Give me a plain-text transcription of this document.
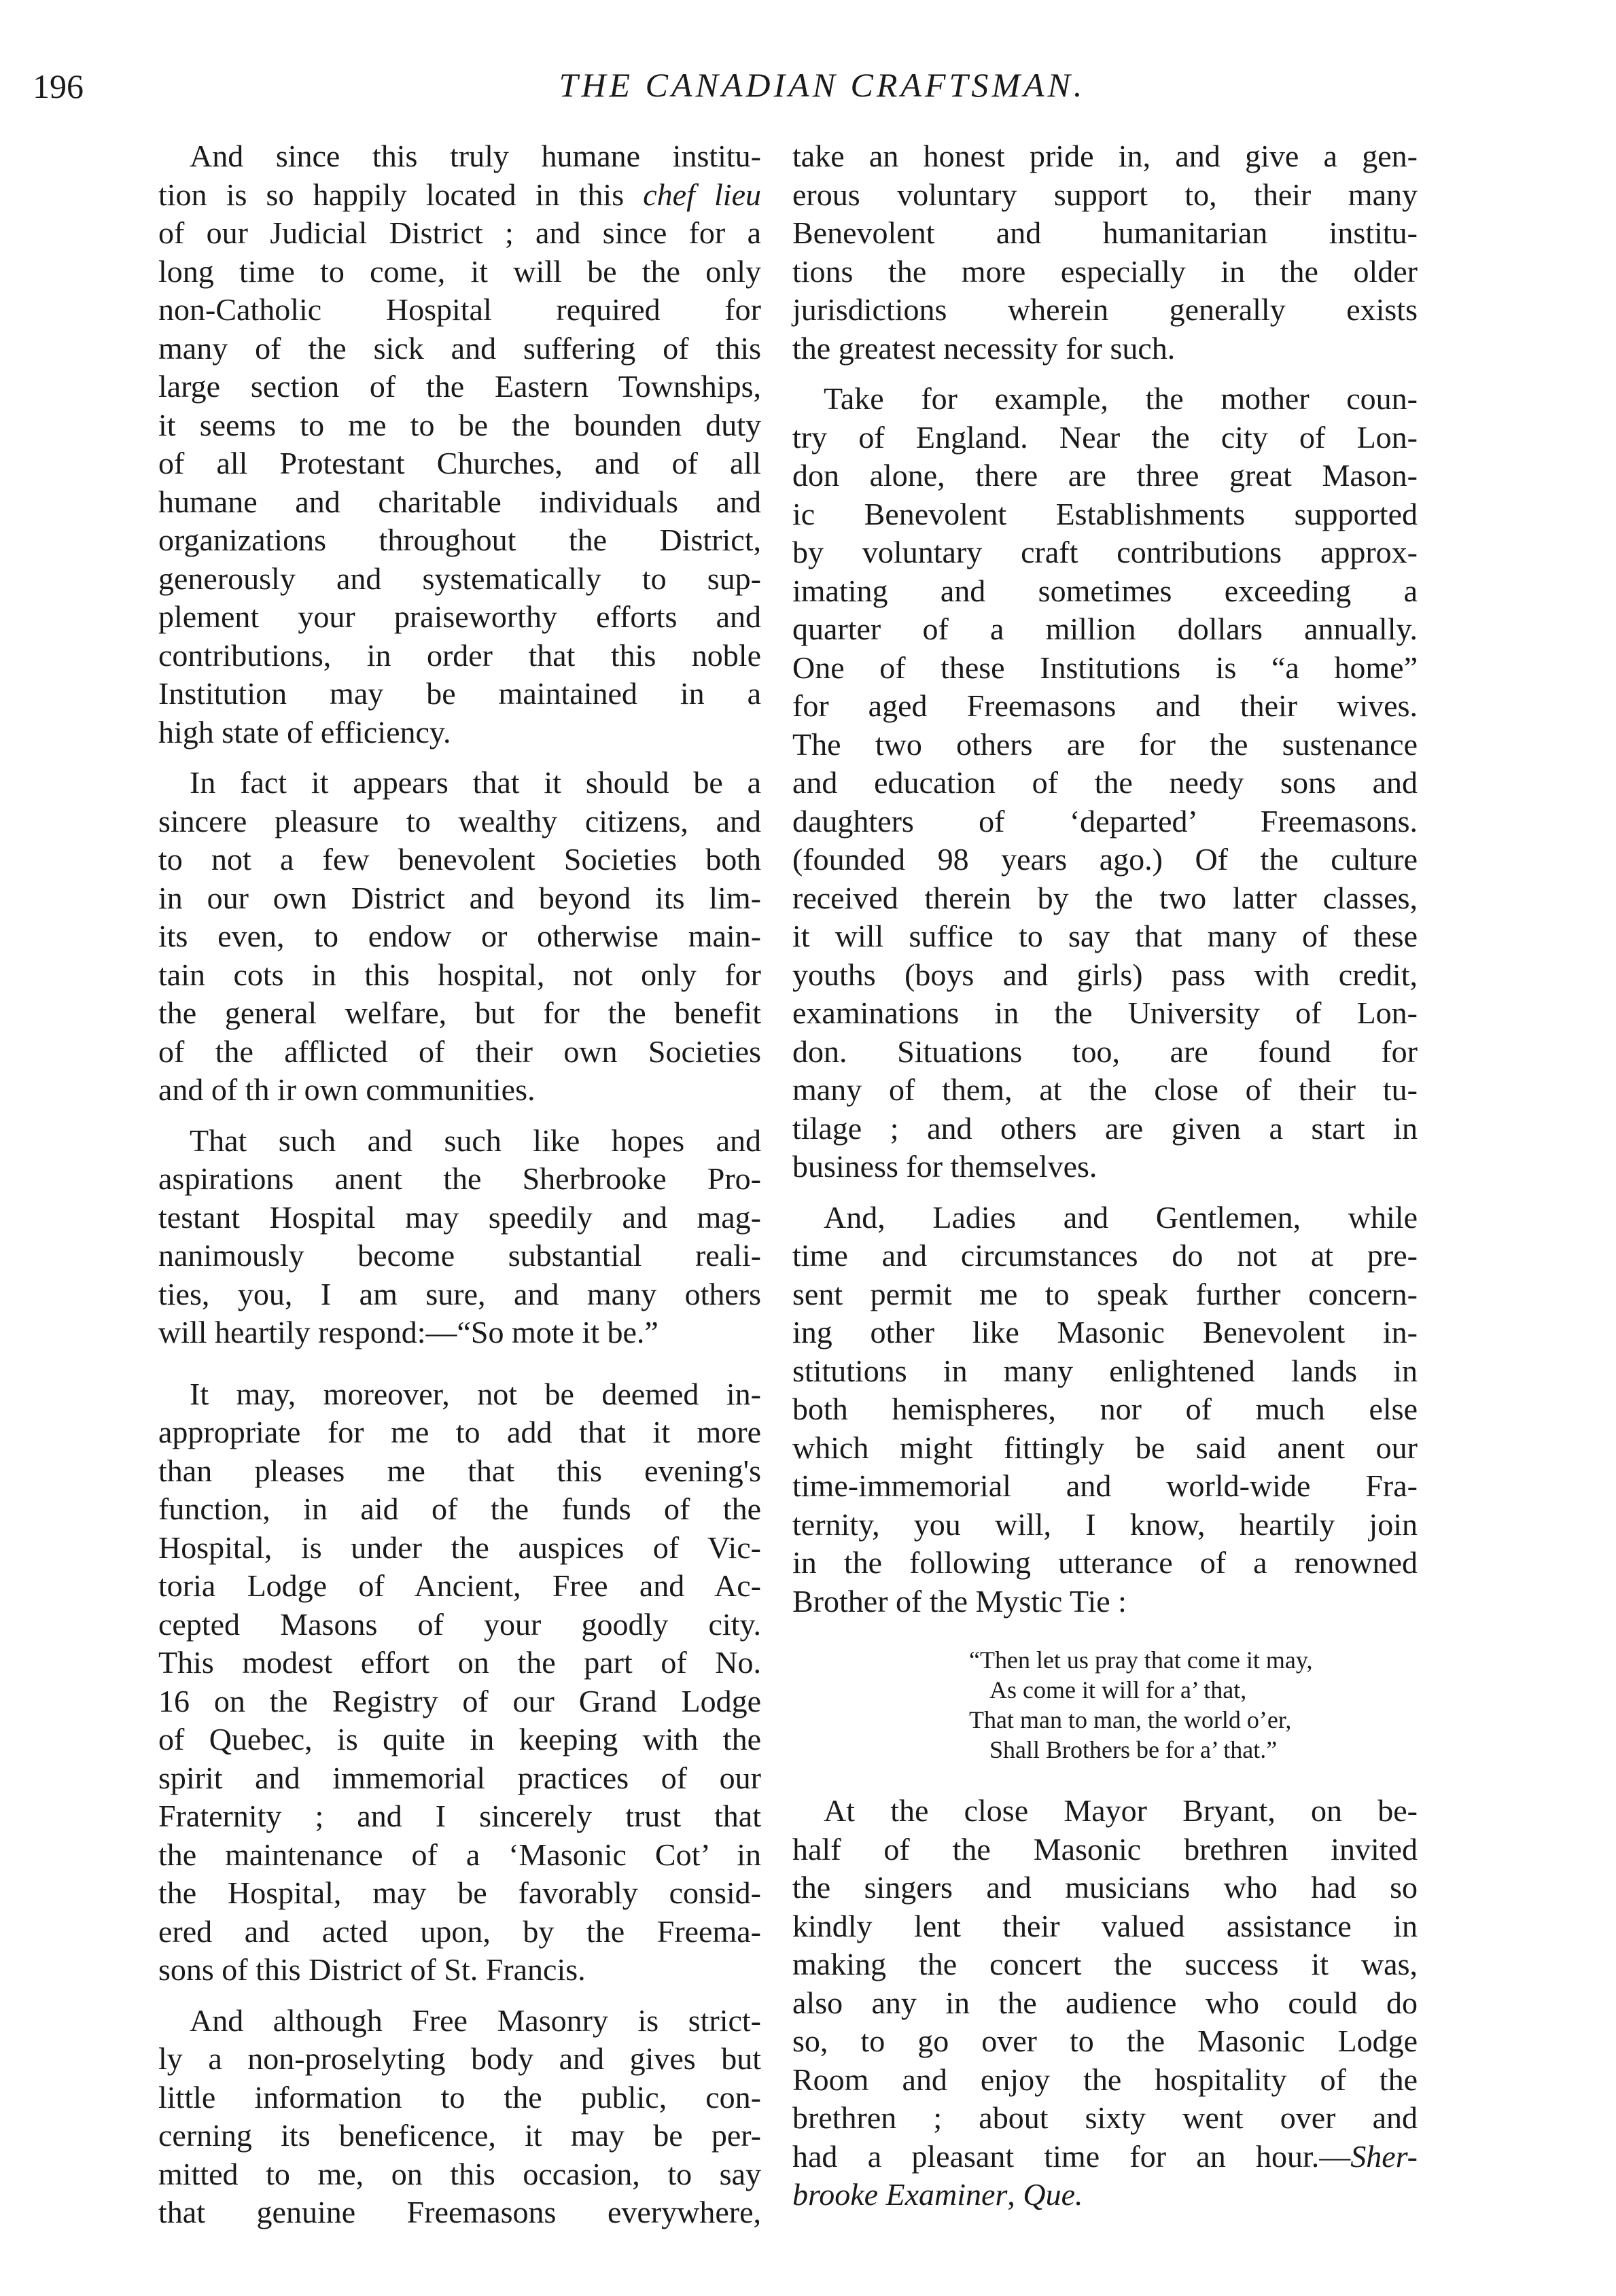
196	THE CANADIAN CRAFTSMAN.
And since this truly humane institu-
tion is so happily located in this chef lieu
of our Judicial District ; and since for a
long time to come, it will be the only
non-Catholic Hospital required for
many of the sick and suffering of this
large section of the Eastern Townships,
it seems to me to be the bounden duty
of all Protestant Churches, and of all
humane and charitable individuals and
organizations throughout the District,
generously and systematically to sup-
plement your praiseworthy efforts and
contributions, in order that this noble
Institution may be maintained in a
high state of efficiency.
In fact it appears that it should be a
sincere pleasure to wealthy citizens, and
to not a few benevolent Societies both
in our own District and beyond its lim-
its even, to endow or otherwise main-
tain cots in this hospital, not only for
the general welfare, but for the benefit
of the afflicted of their own Societies
and of th ir own communities.
That such and such like hopes and
aspirations anent the Sherbrooke Pro-
testant Hospital may speedily and mag-
nanimously become substantial reali-
ties, you, I am sure, and many others
will heartily respond:—“So mote it be.”
It may, moreover, not be deemed in-
appropriate for me to add that it more
than pleases me that this evening's
function, in aid of the funds of the
Hospital, is under the auspices of Vic-
toria Lodge of Ancient, Free and Ac-
cepted Masons of your goodly city.
This modest effort on the part of No.
16 on the Registry of our Grand Lodge
of Quebec, is quite in keeping with the
spirit and immemorial practices of our
Fraternity ; and I sincerely trust that
the maintenance of a ‘Masonic Cot’ in
the Hospital, may be favorably consid-
ered and acted upon, by the Freema-
sons of this District of St. Francis.
And although Free Masonry is strict-
ly a non-proselyting body and gives but
little information to the public, con-
cerning its beneficence, it may be per-
mitted to me, on this occasion, to say
that genuine Freemasons everywhere,
take an honest pride in, and give a gen-
erous voluntary support to, their many
Benevolent and humanitarian institu-
tions the more especially in the older
jurisdictions wherein generally exists
the greatest necessity for such.
Take for example, the mother coun-
try of England. Near the city of Lon-
don alone, there are three great Mason-
ic Benevolent Establishments supported
by voluntary craft contributions approx-
imating and sometimes exceeding a
quarter of a million dollars annually.
One of these Institutions is “a home”
for aged Freemasons and their wives.
The two others are for the sustenance
and education of the needy sons and
daughters of ‘departed’ Freemasons.
(founded 98 years ago.) Of the culture
received therein by the two latter classes,
it will suffice to say that many of these
youths (boys and girls) pass with credit,
examinations in the University of Lon-
don. Situations too, are found for
many of them, at the close of their tu-
tilage ; and others are given a start in
business for themselves.
And, Ladies and Gentlemen, while
time and circumstances do not at pre-
sent permit me to speak further concern-
ing other like Masonic Benevolent in-
stitutions in many enlightened lands in
both hemispheres, nor of much else
which might fittingly be said anent our
time-immemorial and world-wide Fra-
ternity, you will, I know, heartily join
in the following utterance of a renowned
Brother of the Mystic Tie :
“Then let us pray that come it may,
As come it will for a’ that,
That man to man, the world o’er,
Shall Brothers be for a’ that.”
At the close Mayor Bryant, on be-
half of the Masonic brethren invited
the singers and musicians who had so
kindly lent their valued assistance in
making the concert the success it was,
also any in the audience who could do
so, to go over to the Masonic Lodge
Room and enjoy the hospitality of the
brethren ; about sixty went over and
had a pleasant time for an hour.—Sher-
brooke Examiner, Que.
